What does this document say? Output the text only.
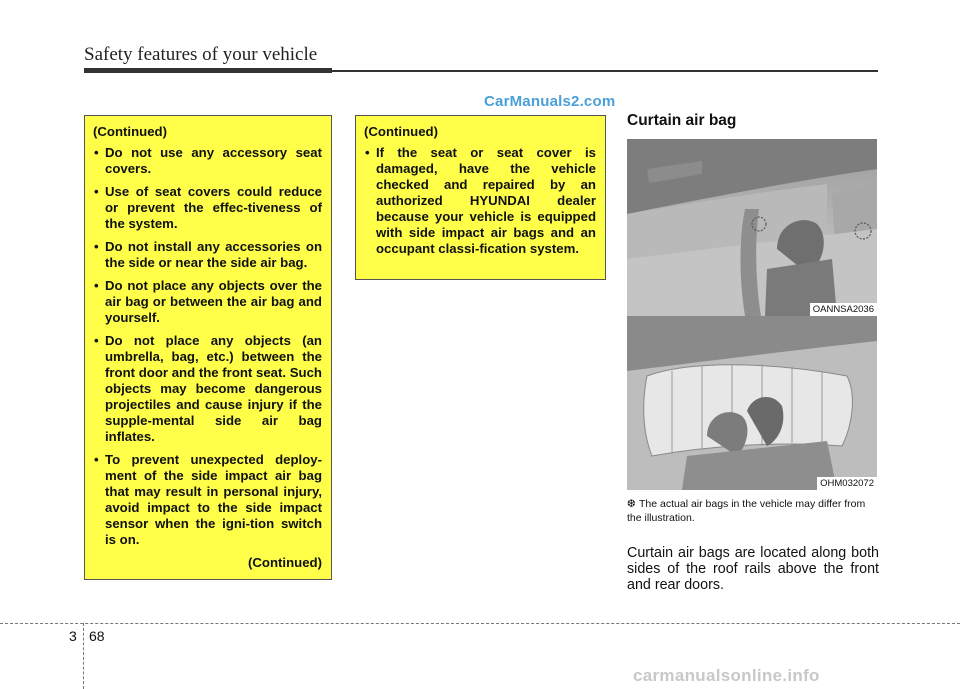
Safety features of your vehicle
CarManuals2.com
(Continued)
• Do not use any accessory seat covers.
• Use of seat covers could reduce or prevent the effec-tiveness of the system.
• Do not install any accessories on the side or near the side air bag.
• Do not place any objects over the air bag or between the air bag and yourself.
• Do not place any objects (an umbrella, bag, etc.) between the front door and the front seat. Such objects may become dangerous projectiles and cause injury if the supple-mental side air bag inflates.
• To prevent unexpected deploy-ment of the side impact air bag that may result in personal injury, avoid impact to the side impact sensor when the igni-tion switch is on.
(Continued)
(Continued)
• If the seat or seat cover is damaged, have the vehicle checked and repaired by an authorized HYUNDAI dealer because your vehicle is equipped with side impact air bags and an occupant classi-fication system.
Curtain air bag
OANNSA2036
OHM032072
❆ The actual air bags in the vehicle may differ from the illustration.
Curtain air bags are located along both sides of the roof rails above the front and rear doors.
3 68
carmanualsonline.info
